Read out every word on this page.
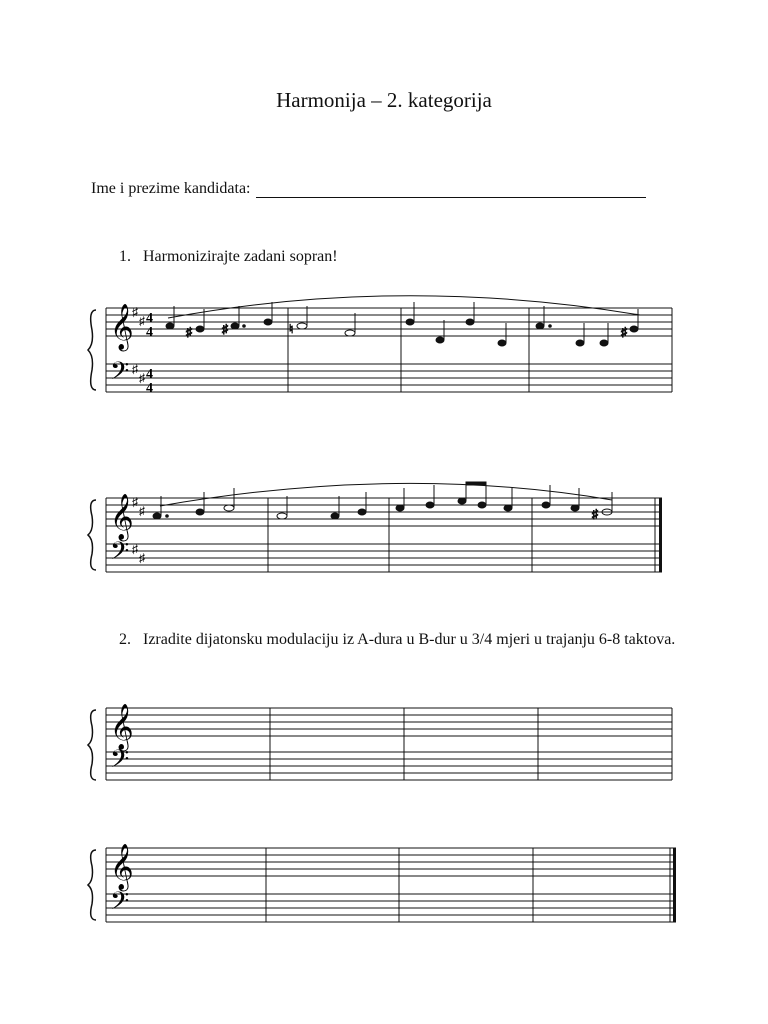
Harmonija – 2. kategorija
Ime i prezime kandidata:
1. Harmonizirajte zadani sopran!
𝄞
𝄢
♯
♯
♯
♯
4
4
4
4
♯	♯	♮	♯
𝄞
𝄢
♯
♯
♯
♯
♯
2. Izradite dijatonsku modulaciju iz A-dura u B-dur u 3/4 mjeri u trajanju 6-8 taktova.
𝄞
𝄢
𝄞
𝄢
